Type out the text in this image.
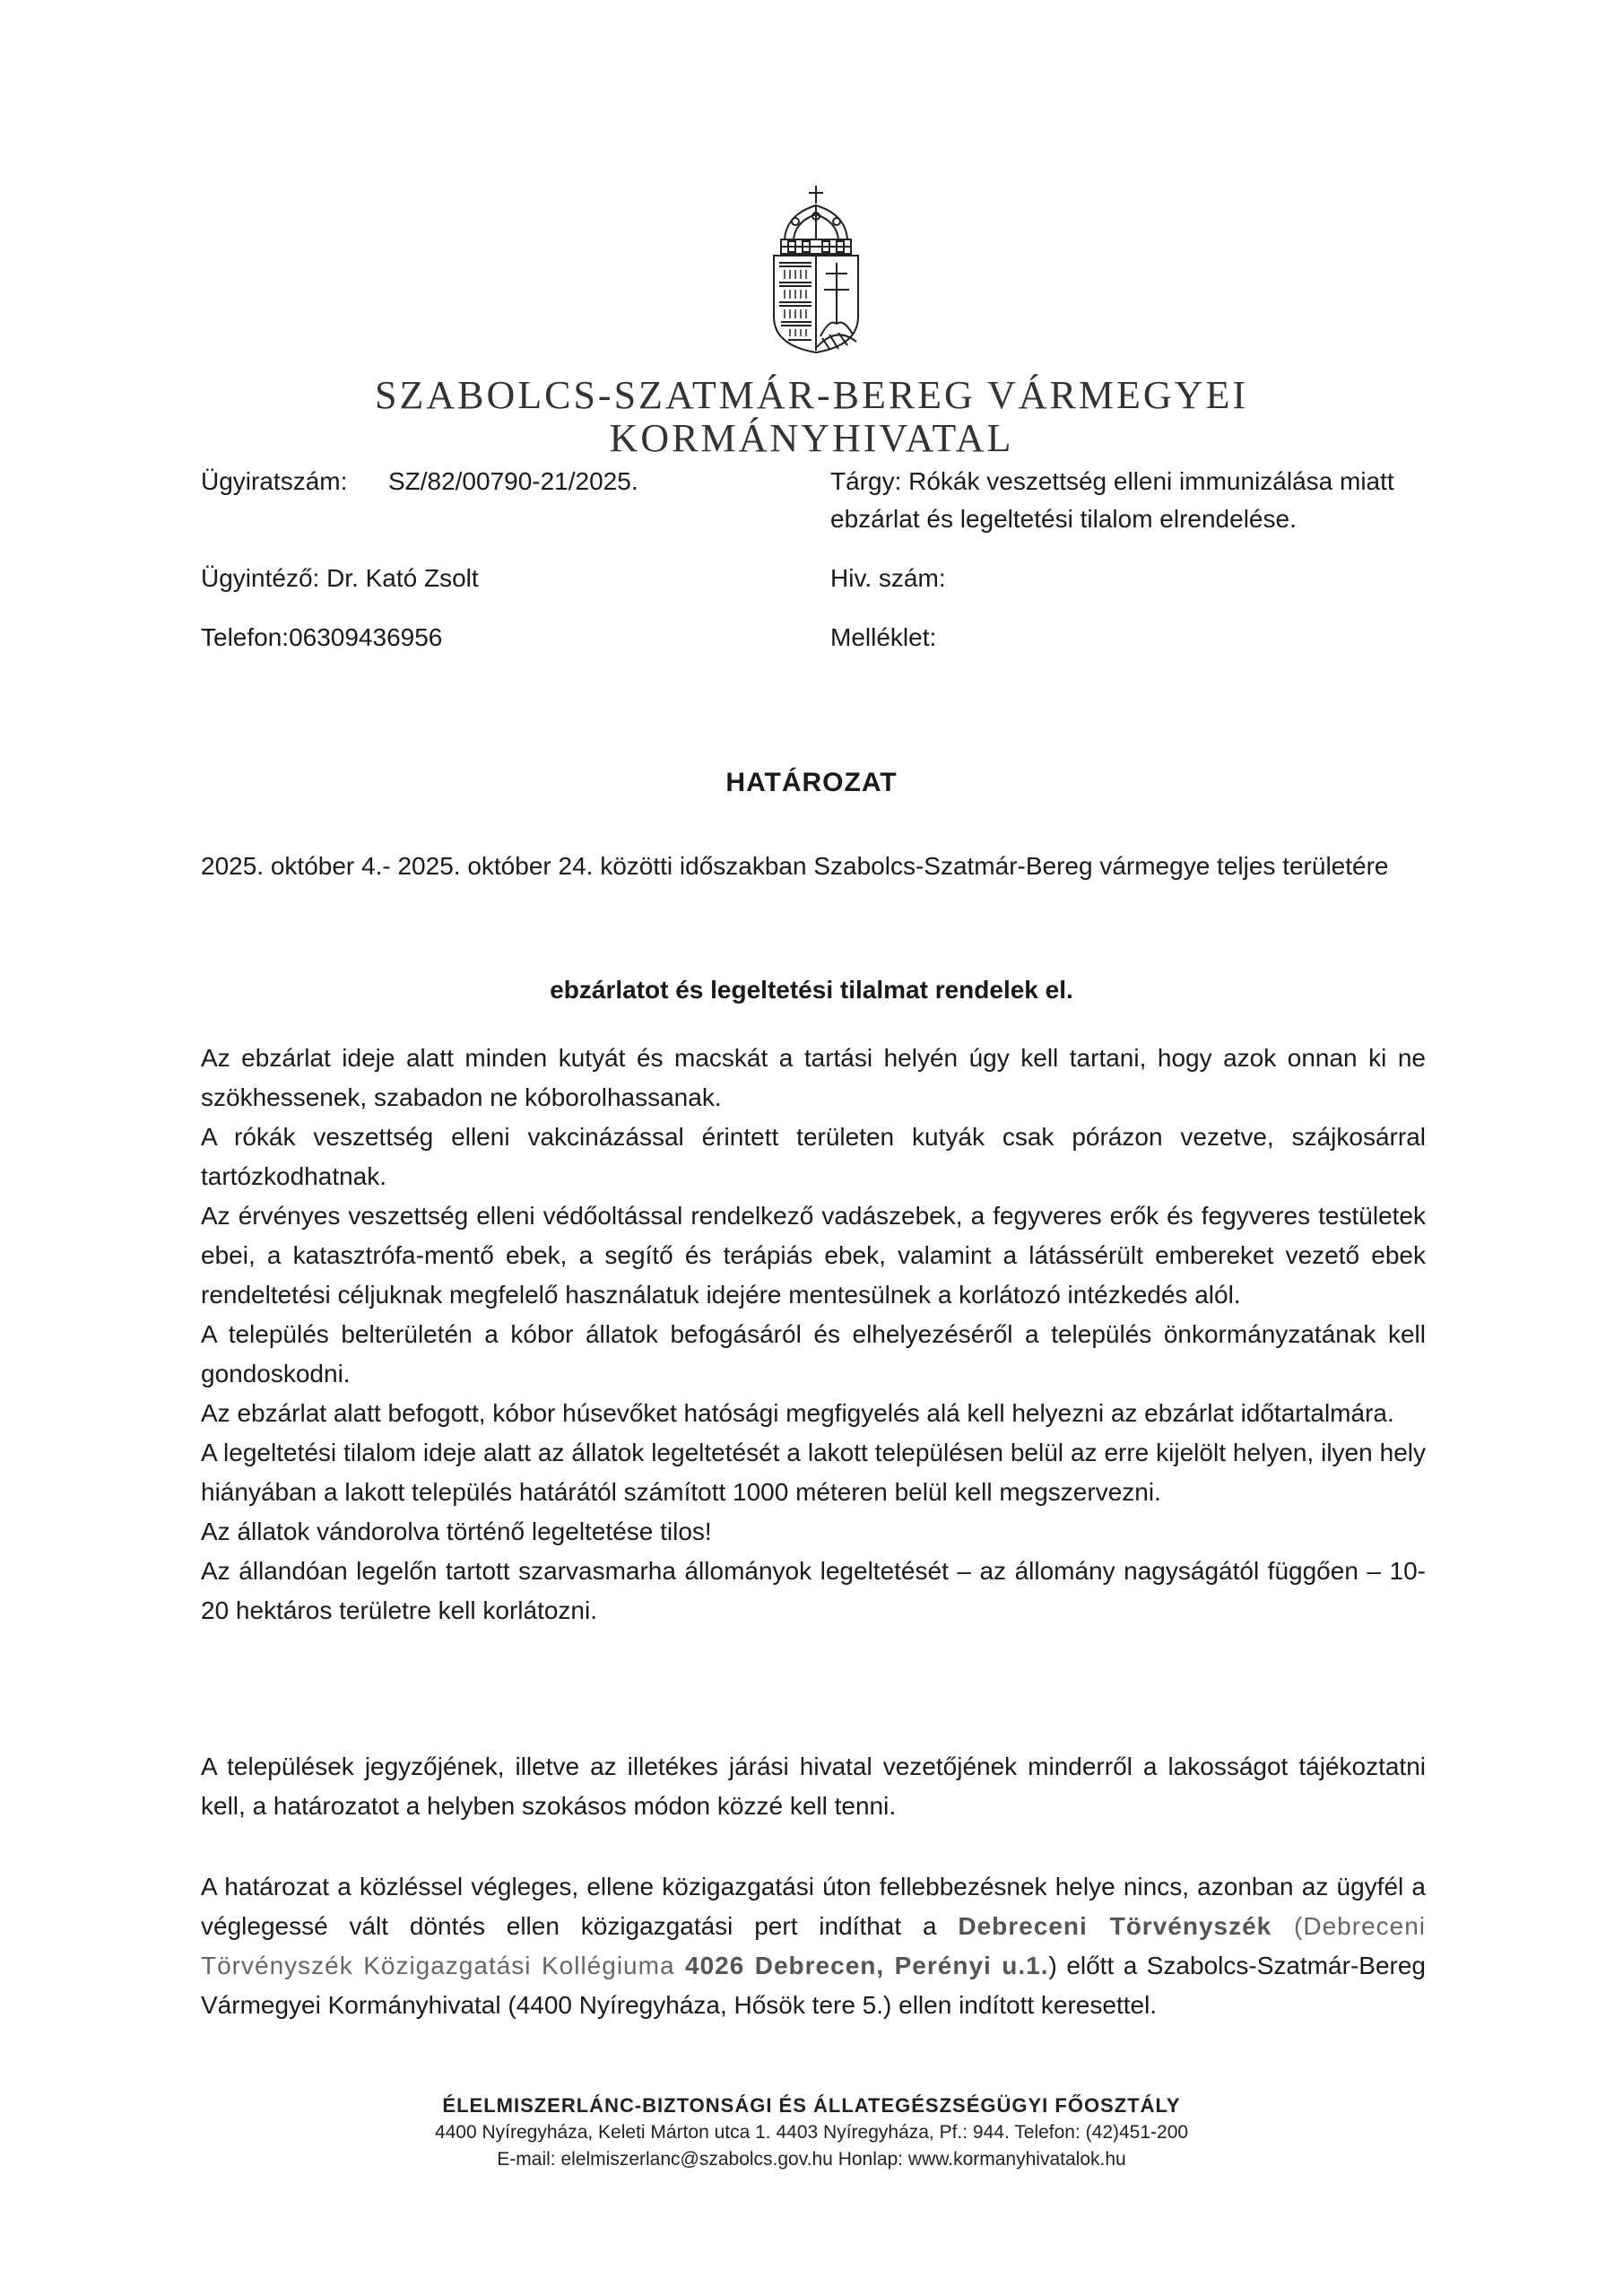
SZABOLCS-SZATMÁR-BEREG VÁRMEGYEI
KORMÁNYHIVATAL
Ügyiratszám: SZ/82/00790-21/2025.
Ügyintéző: Dr. Kató Zsolt
Telefon:06309436956
Tárgy: Rókák veszettség elleni immunizálása miatt
ebzárlat és legeltetési tilalom elrendelése.
Hiv. szám:
Melléklet:
HATÁROZAT
2025. október 4.- 2025. október 24. közötti időszakban Szabolcs-Szatmár-Bereg vármegye teljes területére
ebzárlatot és legeltetési tilalmat rendelek el.

Az ebzárlat ideje alatt minden kutyát és macskát a tartási helyén úgy kell tartani, hogy azok onnan ki ne szökhessenek, szabadon ne kóborolhassanak.

A rókák veszettség elleni vakcinázással érintett területen kutyák csak pórázon vezetve, szájkosárral tartózkodhatnak.

Az érvényes veszettség elleni védőoltással rendelkező vadászebek, a fegyveres erők és fegyveres testületek ebei, a katasztrófa-mentő ebek, a segítő és terápiás ebek, valamint a látássérült embereket vezető ebek rendeltetési céljuknak megfelelő használatuk idejére mentesülnek a korlátozó intézkedés alól.

A település belterületén a kóbor állatok befogásáról és elhelyezéséről a település önkormányzatának kell gondoskodni.

Az ebzárlat alatt befogott, kóbor húsevőket hatósági megfigyelés alá kell helyezni az ebzárlat időtartalmára.

A legeltetési tilalom ideje alatt az állatok legeltetését a lakott településen belül az erre kijelölt helyen, ilyen hely hiányában a lakott település határától számított 1000 méteren belül kell megszervezni.

Az állatok vándorolva történő legeltetése tilos!

Az állandóan legelőn tartott szarvasmarha állományok legeltetését – az állomány nagyságától függően – 10-20 hektáros területre kell korlátozni.

A települések jegyzőjének, illetve az illetékes járási hivatal vezetőjének minderről a lakosságot tájékoztatni kell, a határozatot a helyben szokásos módon közzé kell tenni.
A határozat a közléssel végleges, ellene közigazgatási úton fellebbezésnek helye nincs, azonban az ügyfél a véglegessé vált döntés ellen közigazgatási pert indíthat a Debreceni Törvényszék (Debreceni Törvényszék Közigazgatási Kollégiuma 4026 Debrecen, Perényi u.1.) előtt a Szabolcs-Szatmár-Bereg Vármegyei Kormányhivatal (4400 Nyíregyháza, Hősök tere 5.) ellen indított keresettel.
ÉLELMISZERLÁNC-BIZTONSÁGI ÉS ÁLLATEGÉSZSÉGÜGYI FŐOSZTÁLY
4400 Nyíregyháza, Keleti Márton utca 1. 4403 Nyíregyháza, Pf.: 944. Telefon: (42)451-200
E-mail: elelmiszerlanc@szabolcs.gov.hu Honlap: www.kormanyhivatalok.hu
